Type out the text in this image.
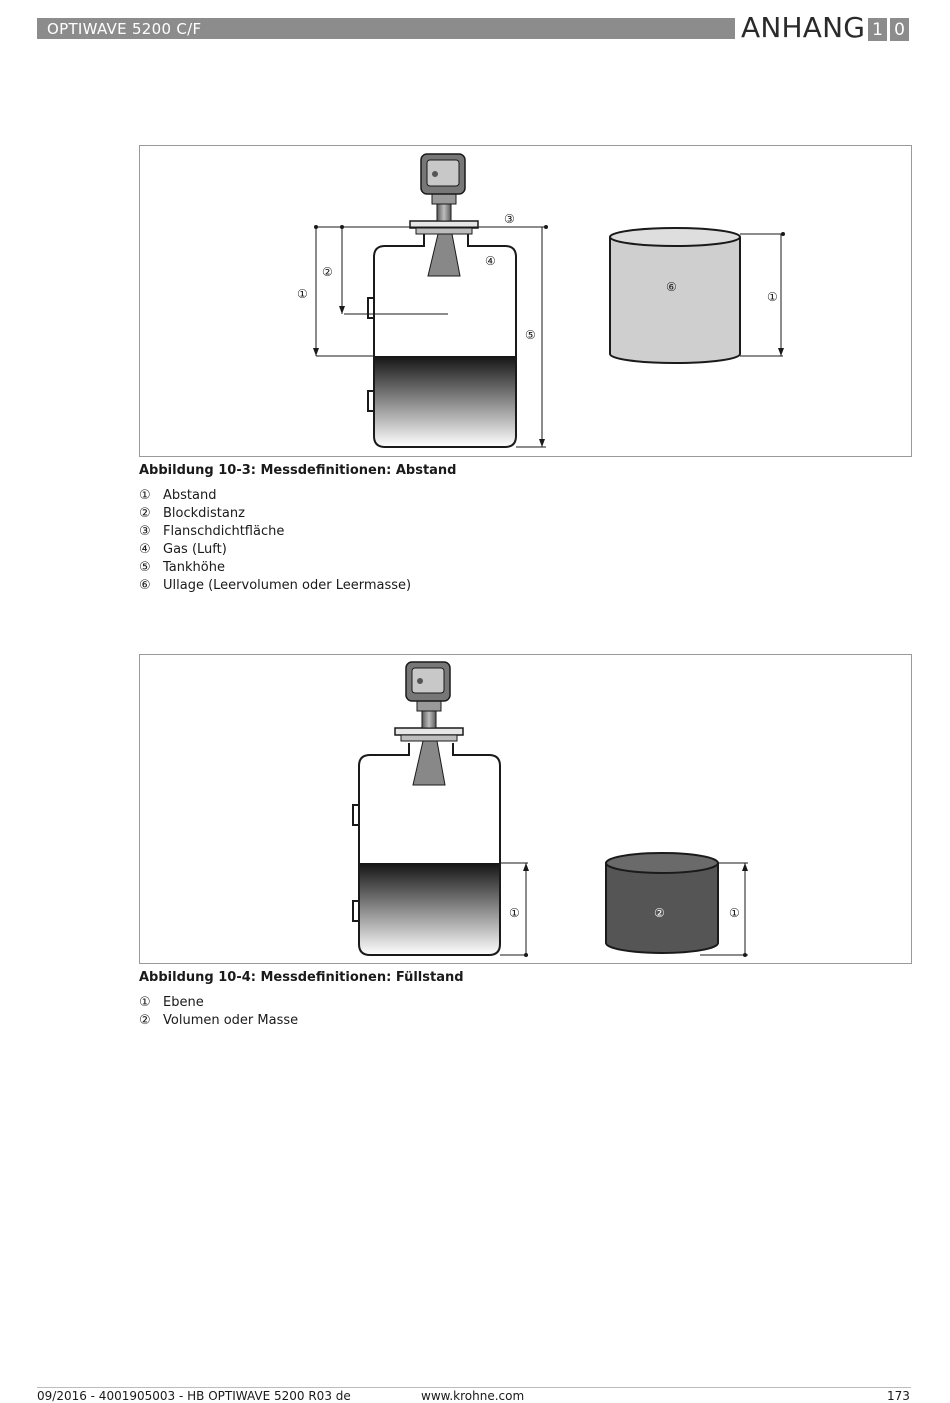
OPTIWAVE 5200 C/F	ANHANG 1 0
①
②
③
④
⑤
⑥
①
Abbildung 10-3: Messdefinitionen: Abstand
① Abstand
② Blockdistanz
③ Flanschdichtfläche
④ Gas (Luft)
⑤ Tankhöhe
⑥ Ullage (Leervolumen oder Leermasse)
①	②	①
Abbildung 10-4: Messdefinitionen: Füllstand
① Ebene
② Volumen oder Masse
09/2016 - 4001905003 - HB OPTIWAVE 5200 R03 de	www.krohne.com	173
